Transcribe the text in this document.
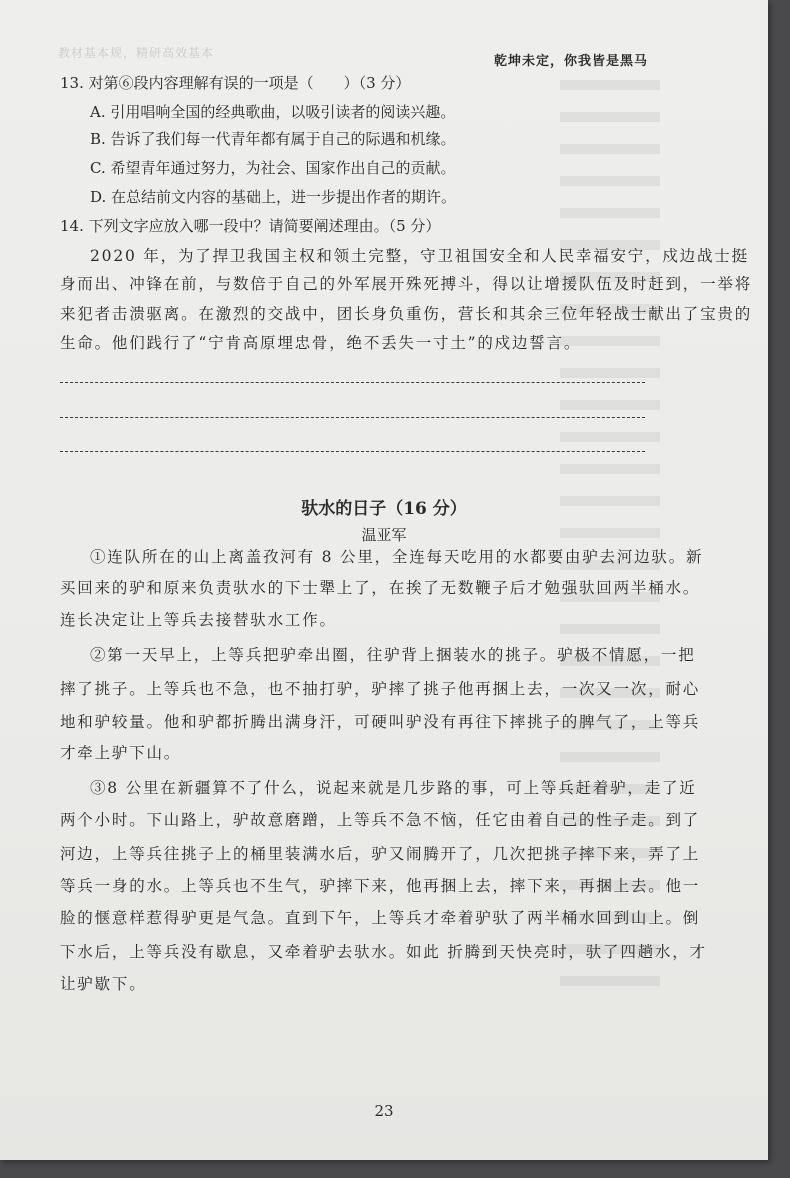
教材基本规，精研高效基本
乾坤未定，你我皆是黑马
13. 对第⑥段内容理解有误的一项是（　　）（3 分）
A. 引用唱响全国的经典歌曲，以吸引读者的阅读兴趣。
B. 告诉了我们每一代青年都有属于自己的际遇和机缘。
C. 希望青年通过努力，为社会、国家作出自己的贡献。
D. 在总结前文内容的基础上，进一步提出作者的期许。
14. 下列文字应放入哪一段中？请简要阐述理由。（5 分）
2020 年，为了捍卫我国主权和领土完整，守卫祖国安全和人民幸福安宁，戍边战士挺
身而出、冲锋在前，与数倍于自己的外军展开殊死搏斗，得以让增援队伍及时赶到，一举将
来犯者击溃驱离。在激烈的交战中，团长身负重伤，营长和其余三位年轻战士献出了宝贵的
生命。他们践行了“宁肯高原埋忠骨，绝不丢失一寸土”的戍边誓言。
驮水的日子（16 分）
温亚军
①连队所在的山上离盖孜河有 8 公里，全连每天吃用的水都要由驴去河边驮。新
买回来的驴和原来负责驮水的下士犟上了，在挨了无数鞭子后才勉强驮回两半桶水。
连长决定让上等兵去接替驮水工作。
②第一天早上，上等兵把驴牵出圈，往驴背上捆装水的挑子。驴极不情愿，一把
摔了挑子。上等兵也不急，也不抽打驴，驴摔了挑子他再捆上去，一次又一次，耐心
地和驴较量。他和驴都折腾出满身汗，可硬叫驴没有再往下摔挑子的脾气了，上等兵
才牵上驴下山。
③8 公里在新疆算不了什么，说起来就是几步路的事，可上等兵赶着驴，走了近
两个小时。下山路上，驴故意磨蹭，上等兵不急不恼，任它由着自己的性子走。到了
河边，上等兵往挑子上的桶里装满水后，驴又闹腾开了，几次把挑子摔下来，弄了上
等兵一身的水。上等兵也不生气，驴摔下来，他再捆上去，摔下来，再捆上去。他一
脸的惬意样惹得驴更是气急。直到下午，上等兵才牵着驴驮了两半桶水回到山上。倒
下水后，上等兵没有歇息，又牵着驴去驮水。如此 折腾到天快亮时，驮了四趟水，才
让驴歇下。
23
